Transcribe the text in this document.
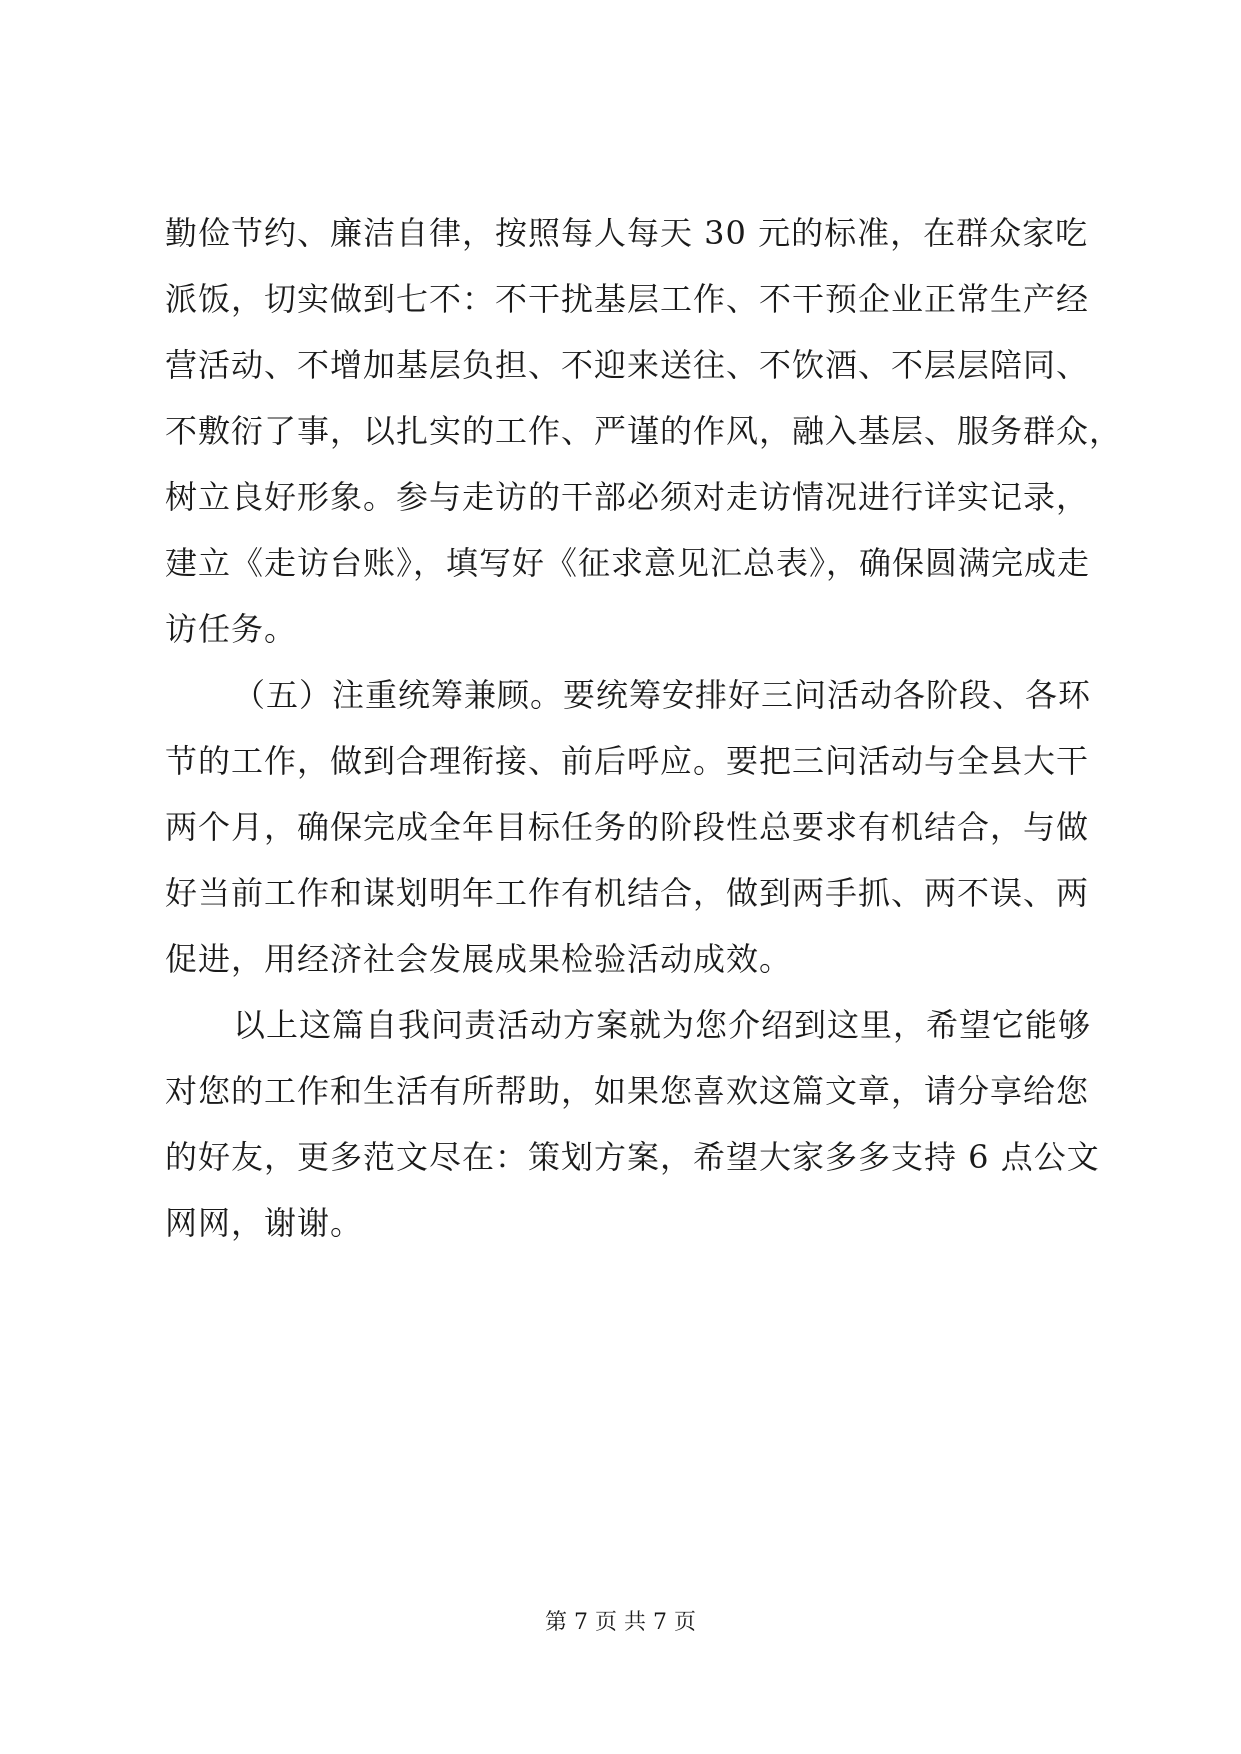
勤俭节约、廉洁自律，按照每人每天 30 元的标准，在群众家吃
派饭，切实做到七不：不干扰基层工作、不干预企业正常生产经
营活动、不增加基层负担、不迎来送往、不饮酒、不层层陪同、
不敷衍了事，以扎实的工作、严谨的作风，融入基层、服务群众，
树立良好形象。参与走访的干部必须对走访情况进行详实记录，
建立《走访台账》，填写好《征求意见汇总表》，确保圆满完成走
访任务。
（五）注重统筹兼顾。要统筹安排好三问活动各阶段、各环
节的工作，做到合理衔接、前后呼应。要把三问活动与全县大干
两个月，确保完成全年目标任务的阶段性总要求有机结合，与做
好当前工作和谋划明年工作有机结合，做到两手抓、两不误、两
促进，用经济社会发展成果检验活动成效。
以上这篇自我问责活动方案就为您介绍到这里，希望它能够
对您的工作和生活有所帮助，如果您喜欢这篇文章，请分享给您
的好友，更多范文尽在：策划方案，希望大家多多支持 6 点公文
网网，谢谢。
第 7 页 共 7 页
